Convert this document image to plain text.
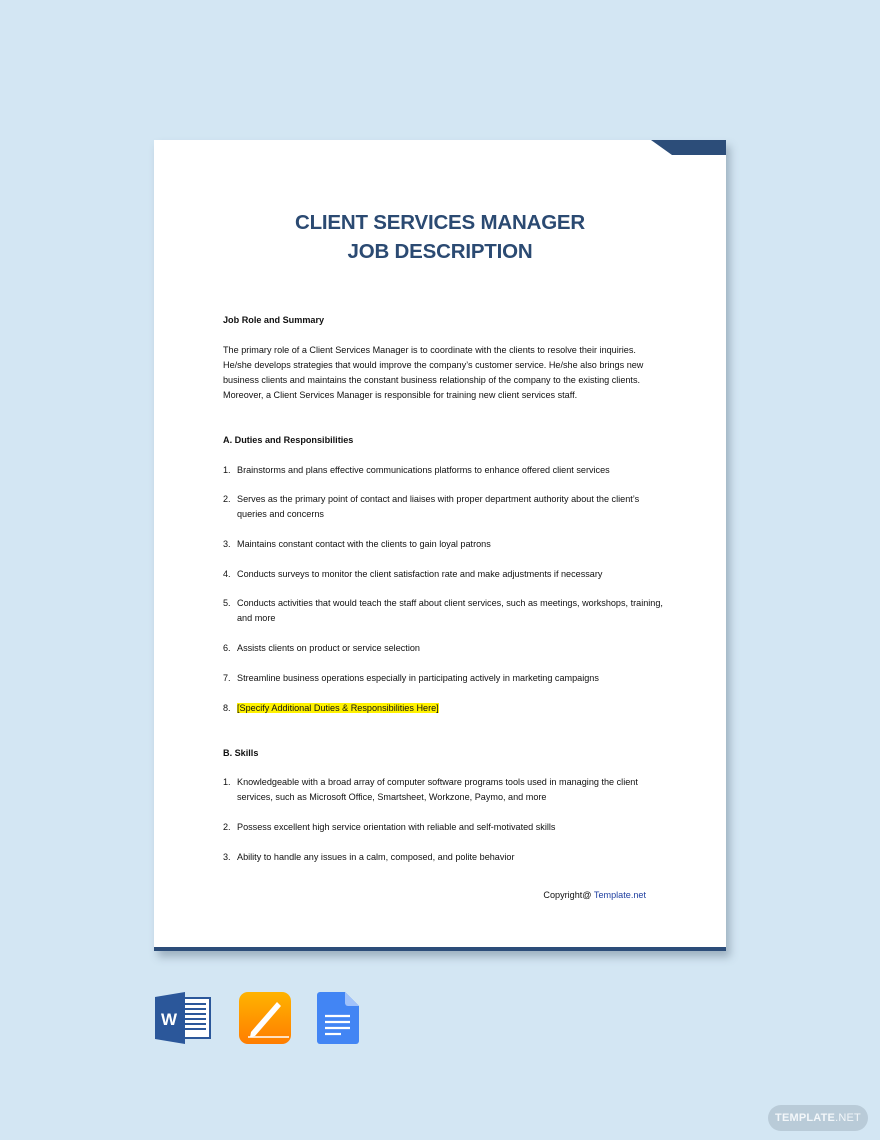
CLIENT SERVICES MANAGER
JOB DESCRIPTION
Job Role and Summary
The primary role of a Client Services Manager is to coordinate with the clients to resolve their inquiries. He/she develops strategies that would improve the company’s customer service. He/she also brings new business clients and maintains the constant business relationship of the company to the existing clients. Moreover, a Client Services Manager is responsible for training new client services staff.
A. Duties and Responsibilities
1. Brainstorms and plans effective communications platforms to enhance offered client services
2. Serves as the primary point of contact and liaises with proper department authority about the client’s queries and concerns
3. Maintains constant contact with the clients to gain loyal patrons
4. Conducts surveys to monitor the client satisfaction rate and make adjustments if necessary
5. Conducts activities that would teach the staff about client services, such as meetings, workshops, training, and more
6. Assists clients on product or service selection
7. Streamline business operations especially in participating actively in marketing campaigns
8. [Specify Additional Duties & Responsibilities Here]
B. Skills
1. Knowledgeable with a broad array of computer software programs tools used in managing the client services, such as Microsoft Office, Smartsheet, Workzone, Paymo, and more
2. Possess excellent high service orientation with reliable and self-motivated skills
3. Ability to handle any issues in a calm, composed, and polite behavior
Copyright@ Template.net
W
TEMPLATE.NET
